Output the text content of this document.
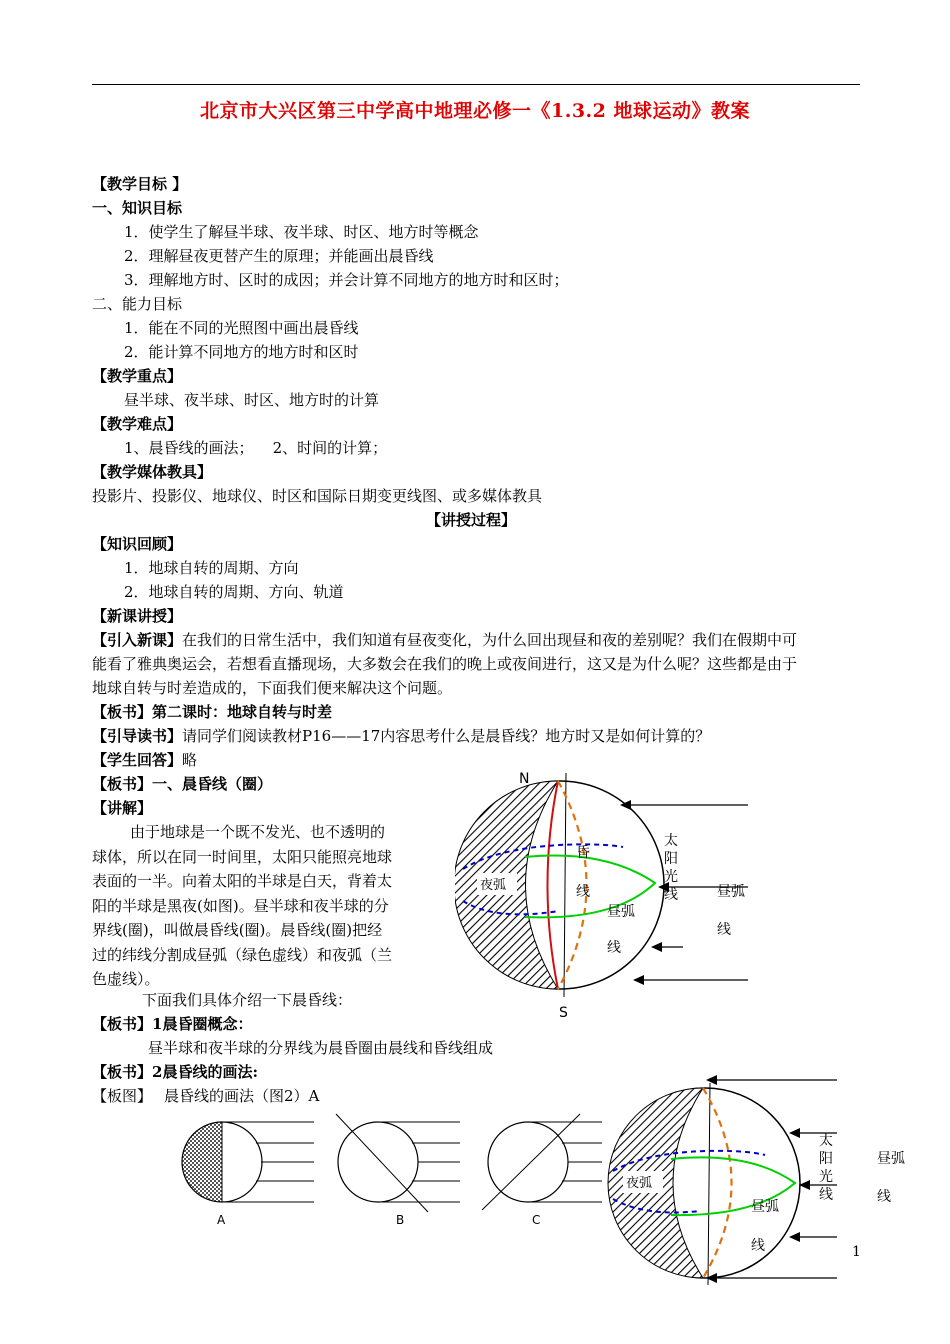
北京市大兴区第三中学高中地理必修一《1.3.2 地球运动》教案
【教学目标 】
一、知识目标
1．使学生了解昼半球、夜半球、时区、地方时等概念
2．理解昼夜更替产生的原理；并能画出晨昏线
3．理解地方时、区时的成因；并会计算不同地方的地方时和区时；
二、能力目标
1．能在不同的光照图中画出晨昏线
2．能计算不同地方的地方时和区时
【教学重点】
昼半球、夜半球、时区、地方时的计算
【教学难点】
1、晨昏线的画法；    2、时间的计算；
【教学媒体教具】
投影片、投影仪、地球仪、时区和国际日期变更线图、或多媒体教具
【讲授过程】
【知识回顾】
1．地球自转的周期、方向
2．地球自转的周期、方向、轨道
【新课讲授】
【引入新课】在我们的日常生活中，我们知道有昼夜变化，为什么回出现昼和夜的差别呢？我们在假期中可
能看了雅典奥运会，若想看直播现场，大多数会在我们的晚上或夜间进行，这又是为什么呢？这些都是由于
地球自转与时差造成的，下面我们便来解决这个问题。
【板书】第二课时：地球自转与时差
【引导读书】请同学们阅读教材P16——17内容思考什么是晨昏线？地方时又是如何计算的？
【学生回答】略
【板书】一、晨昏线（圈）
【讲解】
由于地球是一个既不发光、也不透明的
球体，所以在同一时间里，太阳只能照亮地球
表面的一半。向着太阳的半球是白天，背着太
阳的半球是黑夜(如图)。昼半球和夜半球的分
界线(圈)，叫做晨昏线(圈)。晨昏线(圈)把经
过的纬线分割成昼弧（绿色虚线）和夜弧（兰
色虚线）。
下面我们具体介绍一下晨昏线：
【板书】1晨昏圈概念：
昼半球和夜半球的分界线为晨昏圈由晨线和昏线组成
【板书】2晨昏线的画法:
【板图】 晨昏线的画法（图2）A
夜弧
N
S
昏
线
太
阳
光
线
昼弧
线
昼弧
线
A	B	C
夜弧
太
阳
光
线
昼弧
线
昼弧
线
1
